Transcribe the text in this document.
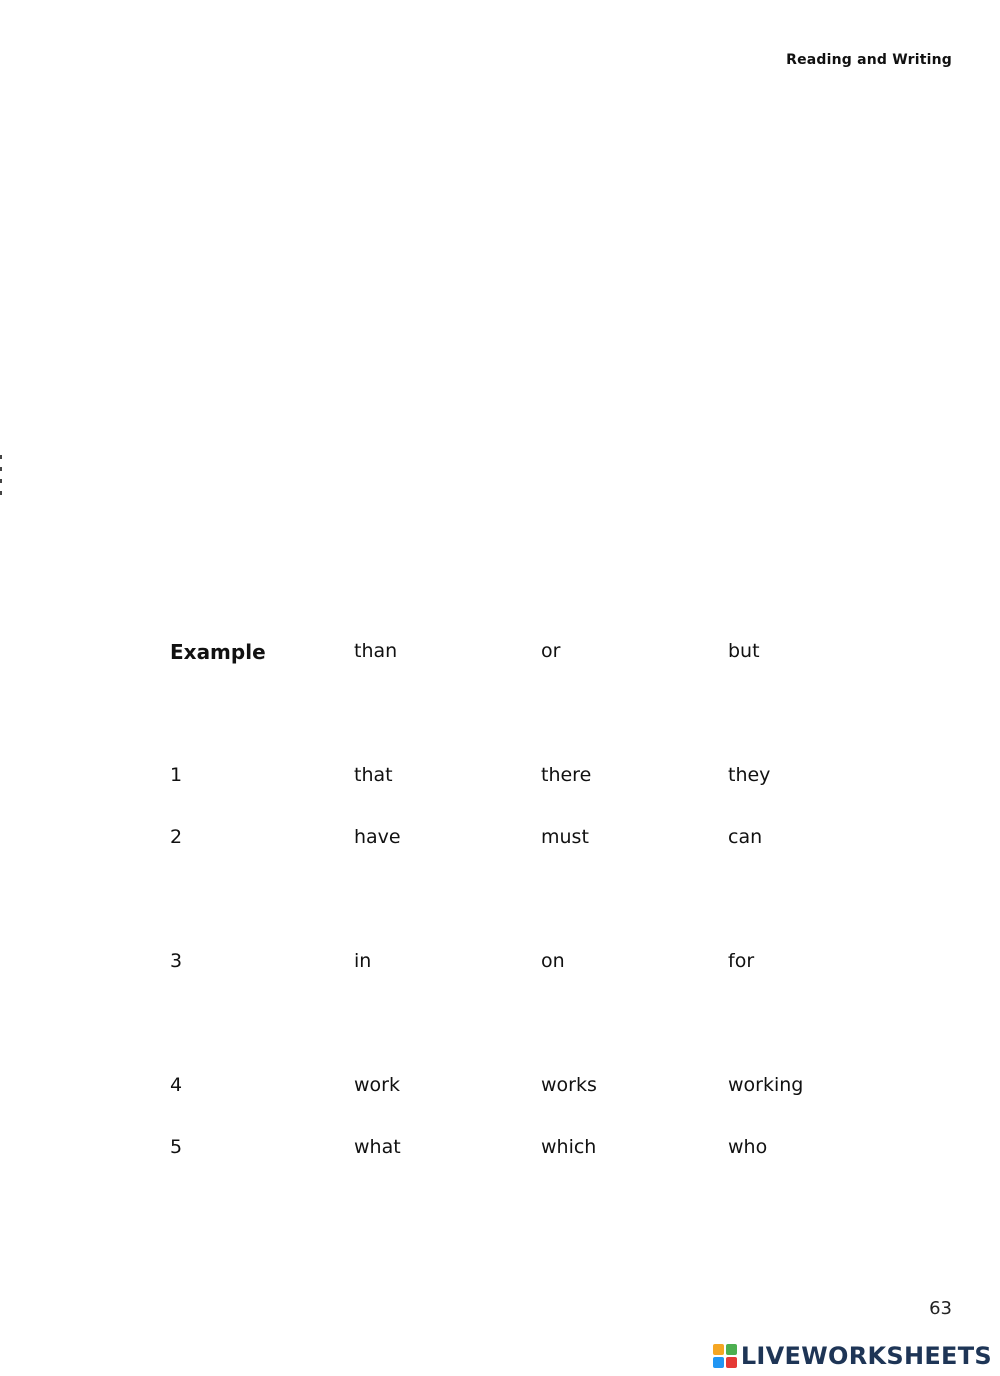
Reading and Writing
Example	than	or	but
1	that	there	they
2	have	must	can
3	in	on	for
4	work	works	working
5	what	which	who
63
LIVEWORKSHEETS
